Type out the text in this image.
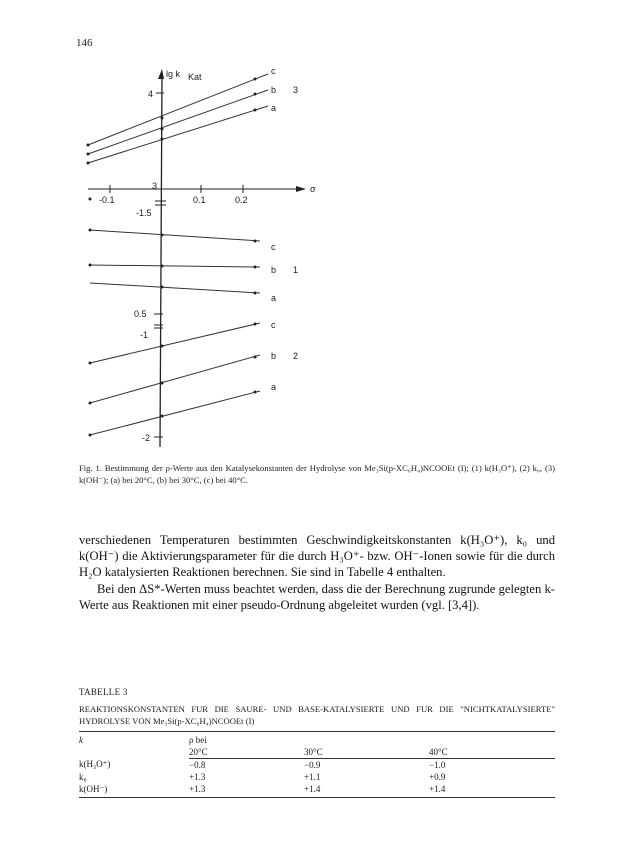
146
lg k Kat
σ
-0.1	0.1	0.2
4
3
-1.5
0.5
-1
-2
c
b
a
3
c
b
a
1
c
b
a
2
Fig. 1. Bestimmung der ρ-Werte aus den Katalysekonstanten der Hydrolyse von Me₃Si(p-XC₆H₄)NCOOEt (I); (1) k(H₃O⁺), (2) k₀, (3) k(OH⁻); (a) bei 20°C, (b) bei 30°C, (c) bei 40°C.

verschiedenen Temperaturen bestimmten Geschwindigkeitskonstanten k(H₃O⁺), k₀ und k(OH⁻) die Aktivierungsparameter für die durch H₃O⁺- bzw. OH⁻-Ionen sowie für die durch H₂O katalysierten Reaktionen berechnen. Sie sind in Tabelle 4 enthalten.

Bei den ΔS*-Werten muss beachtet werden, dass die der Berechnung zugrunde gelegten k-Werte aus Reaktionen mit einer pseudo-Ordnung abgeleitet wurden (vgl. [3,4]).

TABELLE 3
REAKTIONSKONSTANTEN FUR DIE SAURE- UND BASE-KATALYSIERTE UND FUR DIE "NICHTKATALYSIERTE" HYDROLYSE VON Me₃Si(p-XC₆H₄)NCOOEt (I)

k	ρ bei		
	20°C	30°C	40°C
k(H₃O⁺)	−0.8	−0.9	−1.0
k₀	+1.3	+1.1	+0.9
k(OH⁻)	+1.3	+1.4	+1.4
